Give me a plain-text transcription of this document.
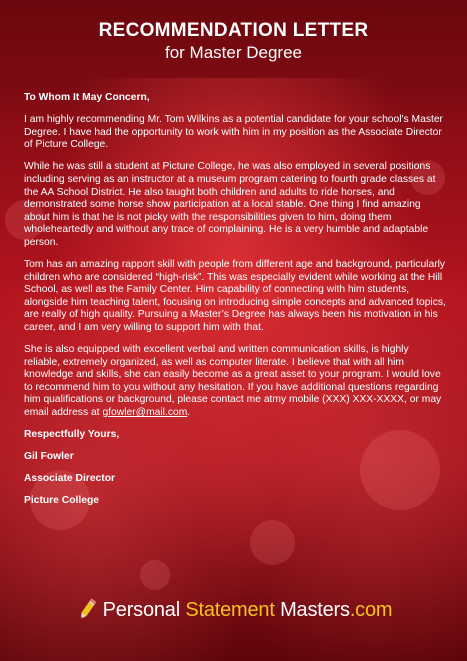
RECOMMENDATION LETTER

for Master Degree

To Whom It May Concern,

I am highly recommending Mr. Tom Wilkins as a potential candidate for your school's Master Degree. I have had the opportunity to work with him in my position as the Associate Director of Picture College.

While he was still a student at Picture College, he was also employed in several positions including serving as an instructor at a museum program catering to fourth grade classes at the AA School District. He also taught both children and adults to ride horses, and demonstrated some horse show participation at a local stable. One thing I find amazing about him is that he is not picky with the responsibilities given to him, doing them wholeheartedly and without any trace of complaining. He is a very humble and adaptable person.

Tom has an amazing rapport skill with people from different age and background, particularly children who are considered “high-risk”. This was especially evident while working at the Hill School, as well as the Family Center. Him capability of connecting with him students, alongside him teaching talent, focusing on introducing simple concepts and advanced topics, are really of high quality. Pursuing a Master’s Degree has always been his motivation in his career, and I am very willing to support him with that.

She is also equipped with excellent verbal and written communication skills, is highly reliable, extremely organized, as well as computer literate. I believe that with all him knowledge and skills, she can easily become as a great asset to your program. I would love to recommend him to you without any hesitation. If you have additional questions regarding him qualifications or background, please contact me atmy mobile (XXX) XXX-XXXX, or may email address at gfowler@mail.com.

Respectfully Yours,

Gil Fowler

Associate Director

Picture College

Personal Statement Masters.com
